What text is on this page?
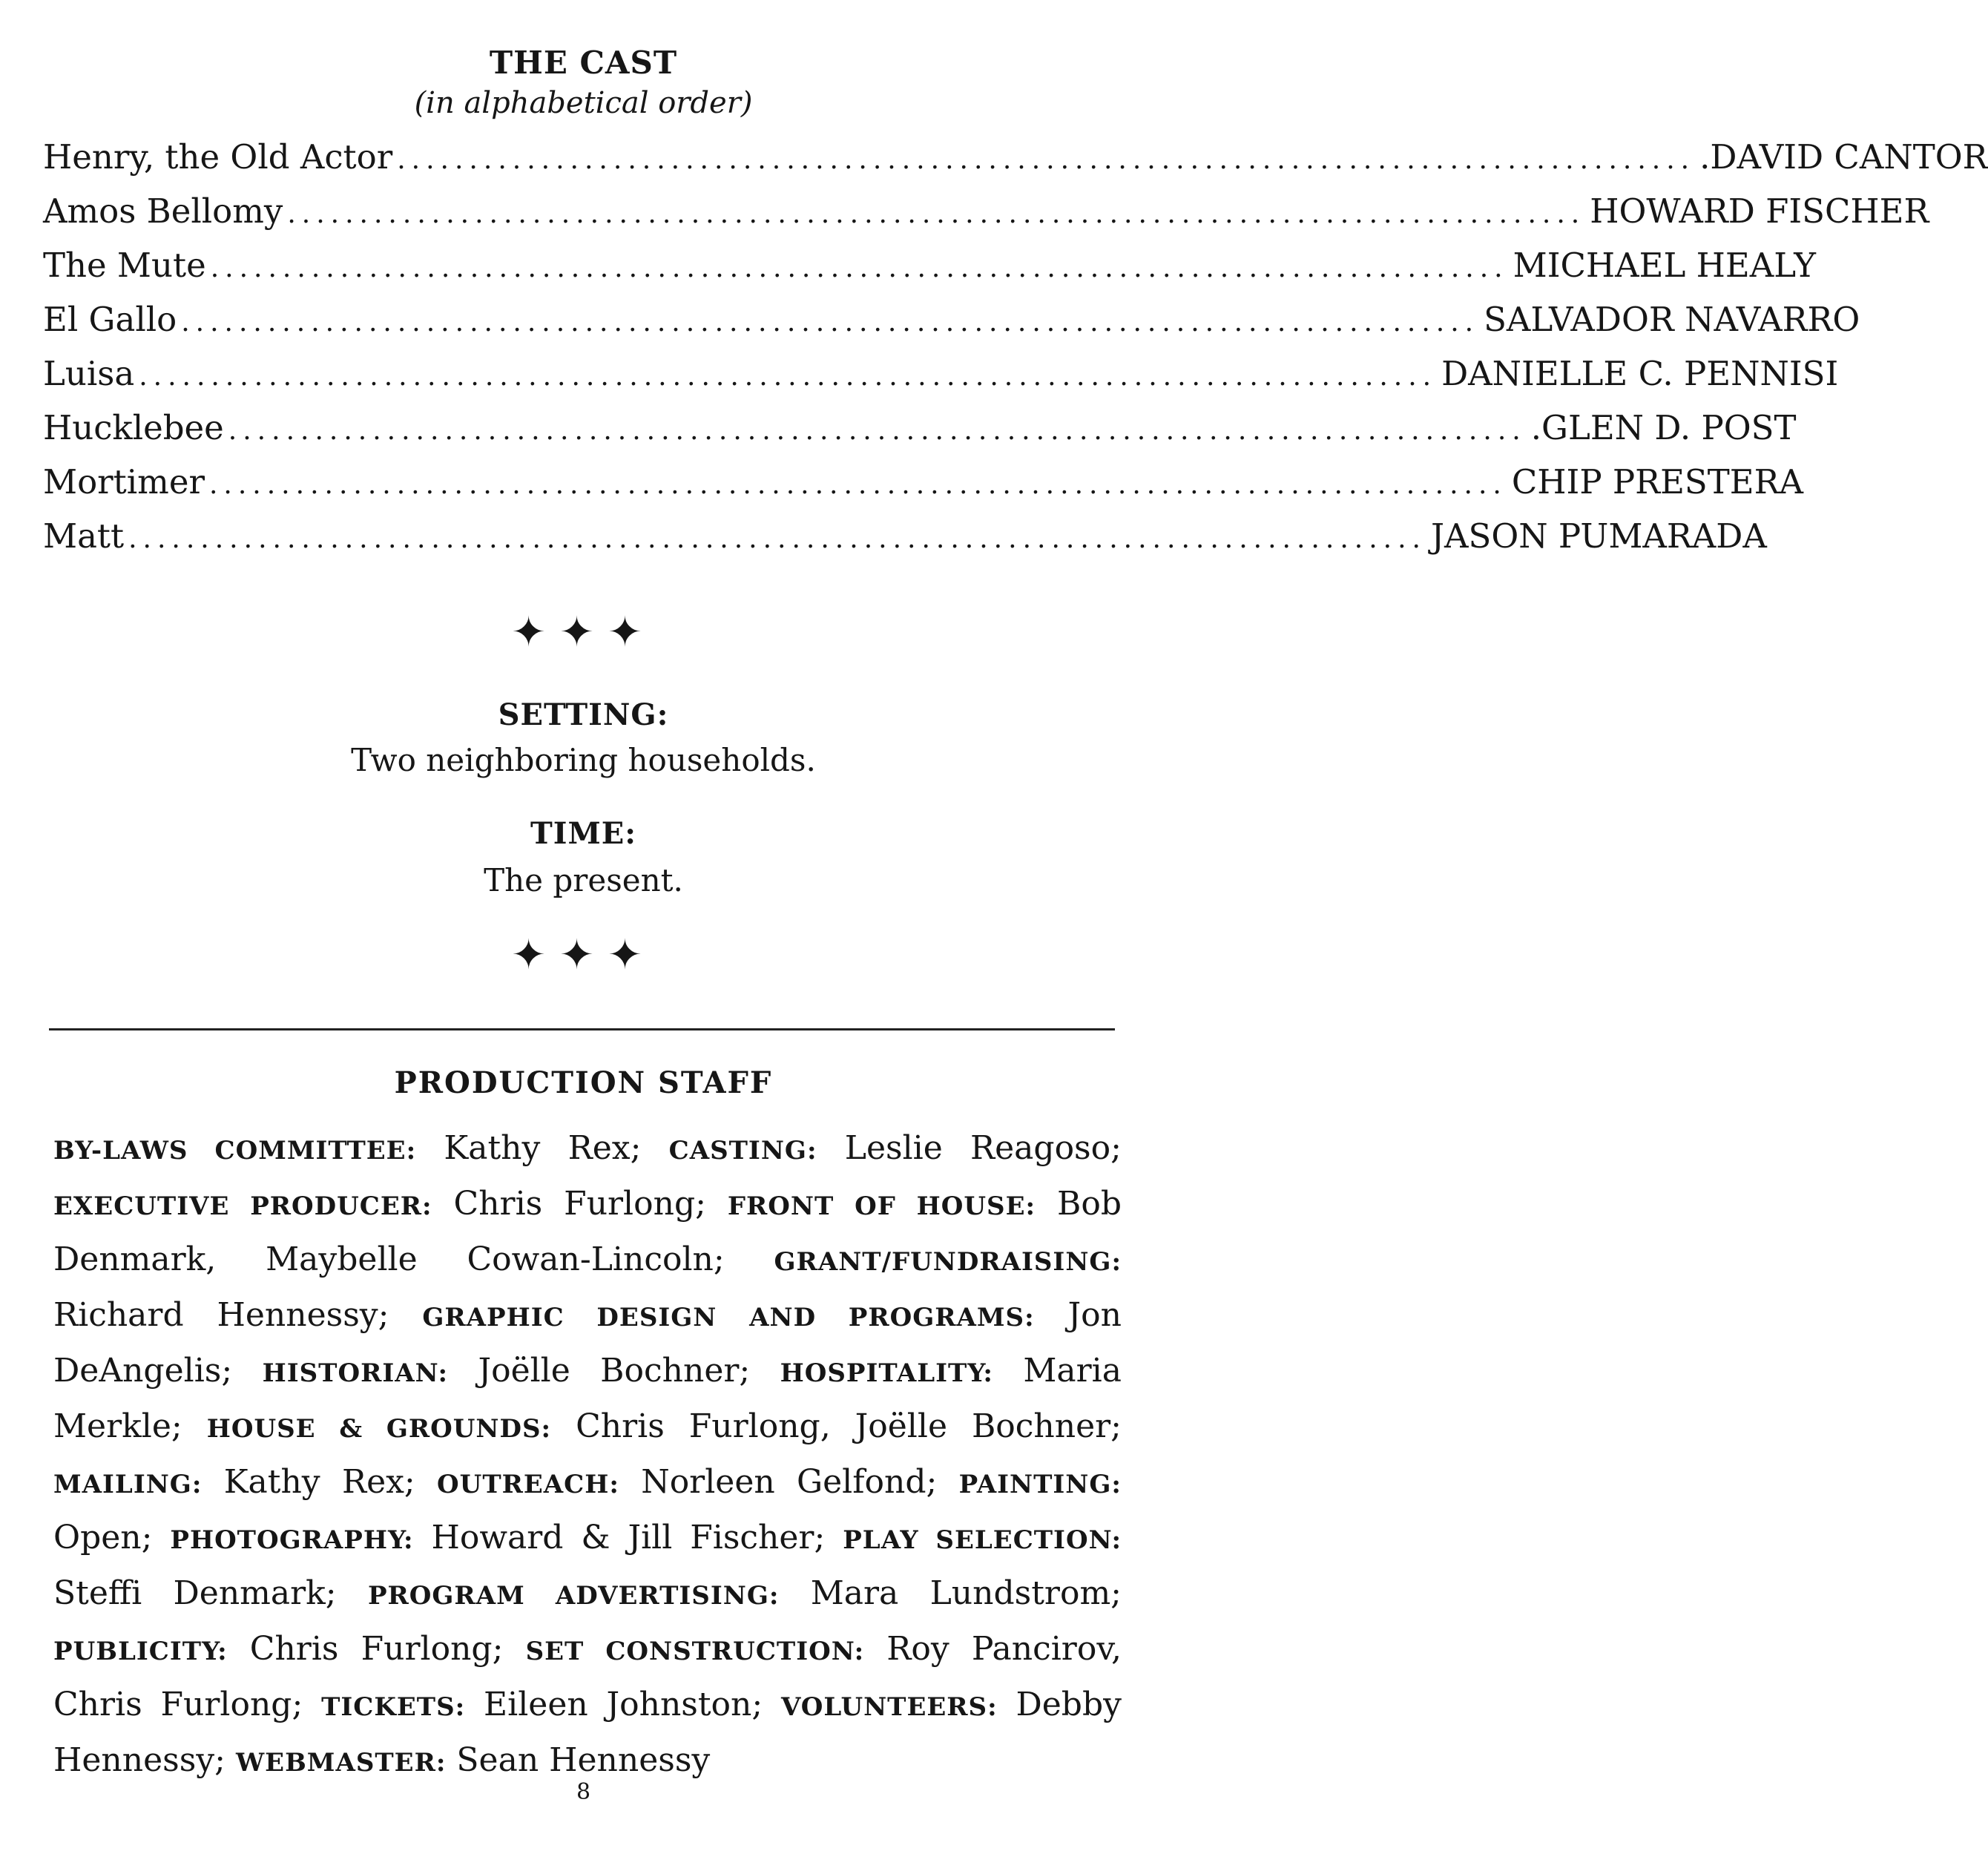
THE CAST
(in alphabetical order)
Henry, the Old Actor .......................................................................................... .DAVID CANTOR
Amos Bellomy .......................................................................................... HOWARD FISCHER
The Mute .......................................................................................... MICHAEL HEALY
El Gallo .......................................................................................... SALVADOR NAVARRO
Luisa .......................................................................................... DANIELLE C. PENNISI
Hucklebee .......................................................................................... .GLEN D. POST
Mortimer .......................................................................................... CHIP PRESTERA
Matt .......................................................................................... JASON PUMARADA
✦✦✦
SETTING:
Two neighboring households.
TIME:
The present.
✦✦✦
PRODUCTION STAFF
BY-LAWS COMMITTEE: Kathy Rex; CASTING: Leslie Reagoso; EXECUTIVE PRODUCER: Chris Furlong; FRONT OF HOUSE: Bob Denmark, Maybelle Cowan-Lincoln; GRANT/FUNDRAISING: Richard Hennessy; GRAPHIC DESIGN AND PROGRAMS: Jon DeAngelis; HISTORIAN: Joëlle Bochner; HOSPITALITY: Maria Merkle; HOUSE & GROUNDS: Chris Furlong, Joëlle Bochner; MAILING: Kathy Rex; OUTREACH: Norleen Gelfond; PAINTING: Open; PHOTOGRAPHY: Howard & Jill Fischer; PLAY SELECTION: Steffi Denmark; PROGRAM ADVERTISING: Mara Lundstrom; PUBLICITY: Chris Furlong; SET CONSTRUCTION: Roy Pancirov, Chris Furlong; TICKETS: Eileen Johnston; VOLUNTEERS: Debby Hennessy; WEBMASTER: Sean Hennessy
8
